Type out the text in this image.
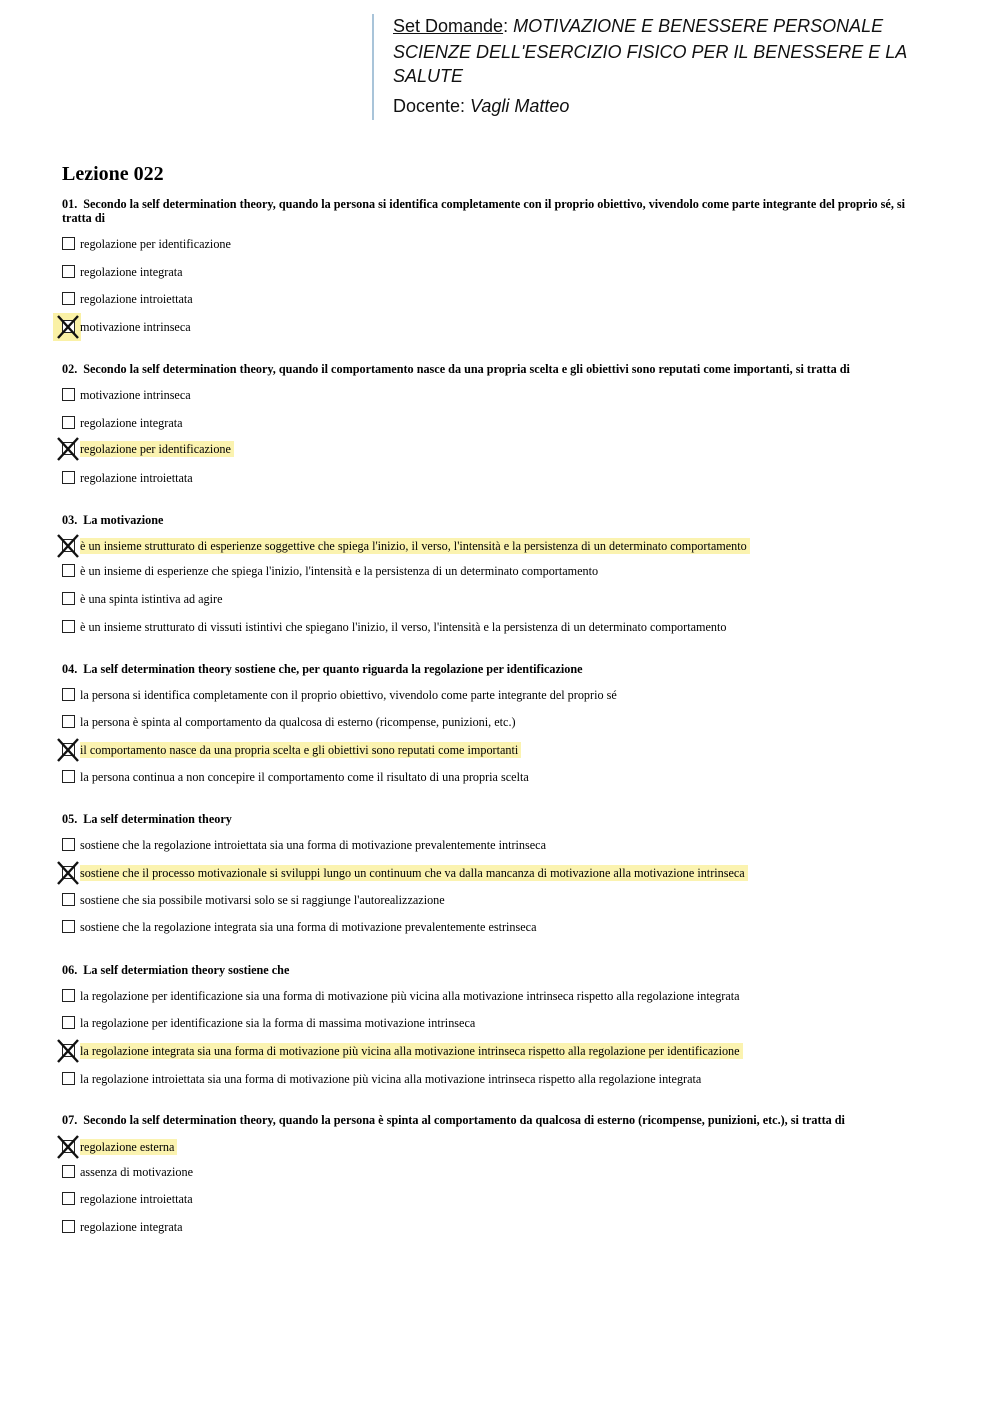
Set Domande: MOTIVAZIONE E BENESSERE PERSONALE
SCIENZE DELL'ESERCIZIO FISICO PER IL BENESSERE E LA SALUTE
Docente: Vagli Matteo
Lezione 022
01. Secondo la self determination theory, quando la persona si identifica completamente con il proprio obiettivo, vivendolo come parte integrante del proprio sé, si tratta di
regolazione per identificazione
regolazione integrata
regolazione introiettata
motivazione intrinseca
02. Secondo la self determination theory, quando il comportamento nasce da una propria scelta e gli obiettivi sono reputati come importanti, si tratta di
motivazione intrinseca
regolazione integrata
regolazione per identificazione
regolazione introiettata
03. La motivazione
è un insieme strutturato di esperienze soggettive che spiega l'inizio, il verso, l'intensità e la persistenza di un determinato comportamento
è un insieme di esperienze che spiega l'inizio, l'intensità e la persistenza di un determinato comportamento
è una spinta istintiva ad agire
è un insieme strutturato di vissuti istintivi che spiegano l'inizio, il verso, l'intensità e la persistenza di un determinato comportamento
04. La self determination theory sostiene che, per quanto riguarda la regolazione per identificazione
la persona si identifica completamente con il proprio obiettivo, vivendolo come parte integrante del proprio sé
la persona è spinta al comportamento da qualcosa di esterno (ricompense, punizioni, etc.)
il comportamento nasce da una propria scelta e gli obiettivi sono reputati come importanti
la persona continua a non concepire il comportamento come il risultato di una propria scelta
05. La self determination theory
sostiene che la regolazione introiettata sia una forma di motivazione prevalentemente intrinseca
sostiene che il processo motivazionale si sviluppi lungo un continuum che va dalla mancanza di motivazione alla motivazione intrinseca
sostiene che sia possibile motivarsi solo se si raggiunge l'autorealizzazione
sostiene che la regolazione integrata sia una forma di motivazione prevalentemente estrinseca
06. La self determiation theory sostiene che
la regolazione per identificazione sia una forma di motivazione più vicina alla motivazione intrinseca rispetto alla regolazione integrata
la regolazione per identificazione sia la forma di massima motivazione intrinseca
la regolazione integrata sia una forma di motivazione più vicina alla motivazione intrinseca rispetto alla regolazione per identificazione
la regolazione introiettata sia una forma di motivazione più vicina alla motivazione intrinseca rispetto alla regolazione integrata
07. Secondo la self determination theory, quando la persona è spinta al comportamento da qualcosa di esterno (ricompense, punizioni, etc.), si tratta di
regolazione esterna
assenza di motivazione
regolazione introiettata
regolazione integrata
